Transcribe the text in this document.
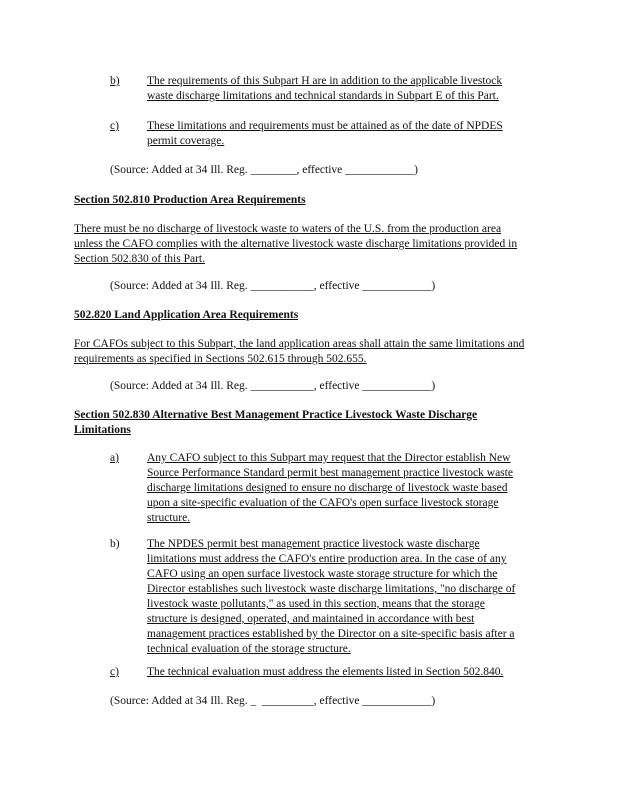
b)	The requirements of this Subpart H are in addition to the applicable livestock
waste discharge limitations and technical standards in Subpart E of this Part.
c)	These limitations and requirements must be attained as of the date of NPDES
permit coverage.
(Source: Added at 34 Ill. Reg. ________, effective ____________)
Section 502.810 Production Area Requirements
There must be no discharge of livestock waste to waters of the U.S. from the production area
unless the CAFO complies with the alternative livestock waste discharge limitations provided in
Section 502.830 of this Part.
(Source: Added at 34 Ill. Reg. ___________, effective ____________)
502.820 Land Application Area Requirements
For CAFOs subject to this Subpart, the land application areas shall attain the same limitations and
requirements as specified in Sections 502.615 through 502.655.
(Source: Added at 34 Ill. Reg. ___________, effective ____________)
Section 502.830 Alternative Best Management Practice Livestock Waste Discharge
Limitations
a)	Any CAFO subject to this Subpart may request that the Director establish New
Source Performance Standard permit best management practice livestock waste
discharge limitations designed to ensure no discharge of livestock waste based
upon a site-specific evaluation of the CAFO's open surface livestock storage
structure.
b)	The NPDES permit best management practice livestock waste discharge
limitations must address the CAFO's entire production area. In the case of any
CAFO using an open surface livestock waste storage structure for which the
Director establishes such livestock waste discharge limitations, "no discharge of
livestock waste pollutants," as used in this section, means that the storage
structure is designed, operated, and maintained in accordance with best
management practices established by the Director on a site-specific basis after a
technical evaluation of the storage structure.

c)	The technical evaluation must address the elements listed in Section 502.840.
(Source: Added at 34 Ill. Reg. _  _________, effective ____________)
